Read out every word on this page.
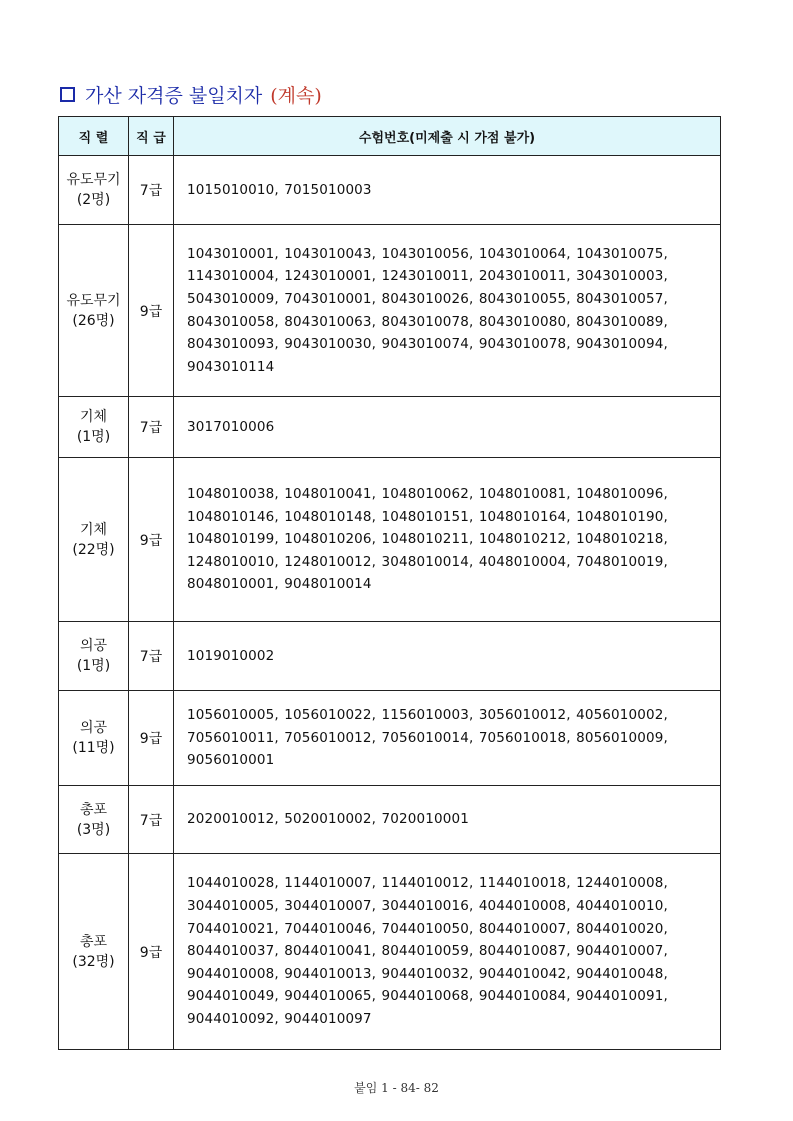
가산 자격증 불일치자 (계속)
직 렬	직 급	수험번호(미제출 시 가점 불가)
유도무기
(2명)	7급	1015010010, 7015010003
유도무기
(26명)	9급	1043010001, 1043010043, 1043010056, 1043010064, 1043010075, 1143010004, 1243010001, 1243010011, 2043010011, 3043010003, 5043010009, 7043010001, 8043010026, 8043010055, 8043010057, 8043010058, 8043010063, 8043010078, 8043010080, 8043010089, 8043010093, 9043010030, 9043010074, 9043010078, 9043010094, 9043010114
기체
(1명)	7급	3017010006
기체
(22명)	9급	1048010038, 1048010041, 1048010062, 1048010081, 1048010096, 1048010146, 1048010148, 1048010151, 1048010164, 1048010190, 1048010199, 1048010206, 1048010211, 1048010212, 1048010218, 1248010010, 1248010012, 3048010014, 4048010004, 7048010019, 8048010001, 9048010014
의공
(1명)	7급	1019010002
의공
(11명)	9급	1056010005, 1056010022, 1156010003, 3056010012, 4056010002, 7056010011, 7056010012, 7056010014, 7056010018, 8056010009, 9056010001
총포
(3명)	7급	2020010012, 5020010002, 7020010001
총포
(32명)	9급	1044010028, 1144010007, 1144010012, 1144010018, 1244010008, 3044010005, 3044010007, 3044010016, 4044010008, 4044010010, 7044010021, 7044010046, 7044010050, 8044010007, 8044010020, 8044010037, 8044010041, 8044010059, 8044010087, 9044010007, 9044010008, 9044010013, 9044010032, 9044010042, 9044010048, 9044010049, 9044010065, 9044010068, 9044010084, 9044010091, 9044010092, 9044010097
붙임 1 - 84- 82
